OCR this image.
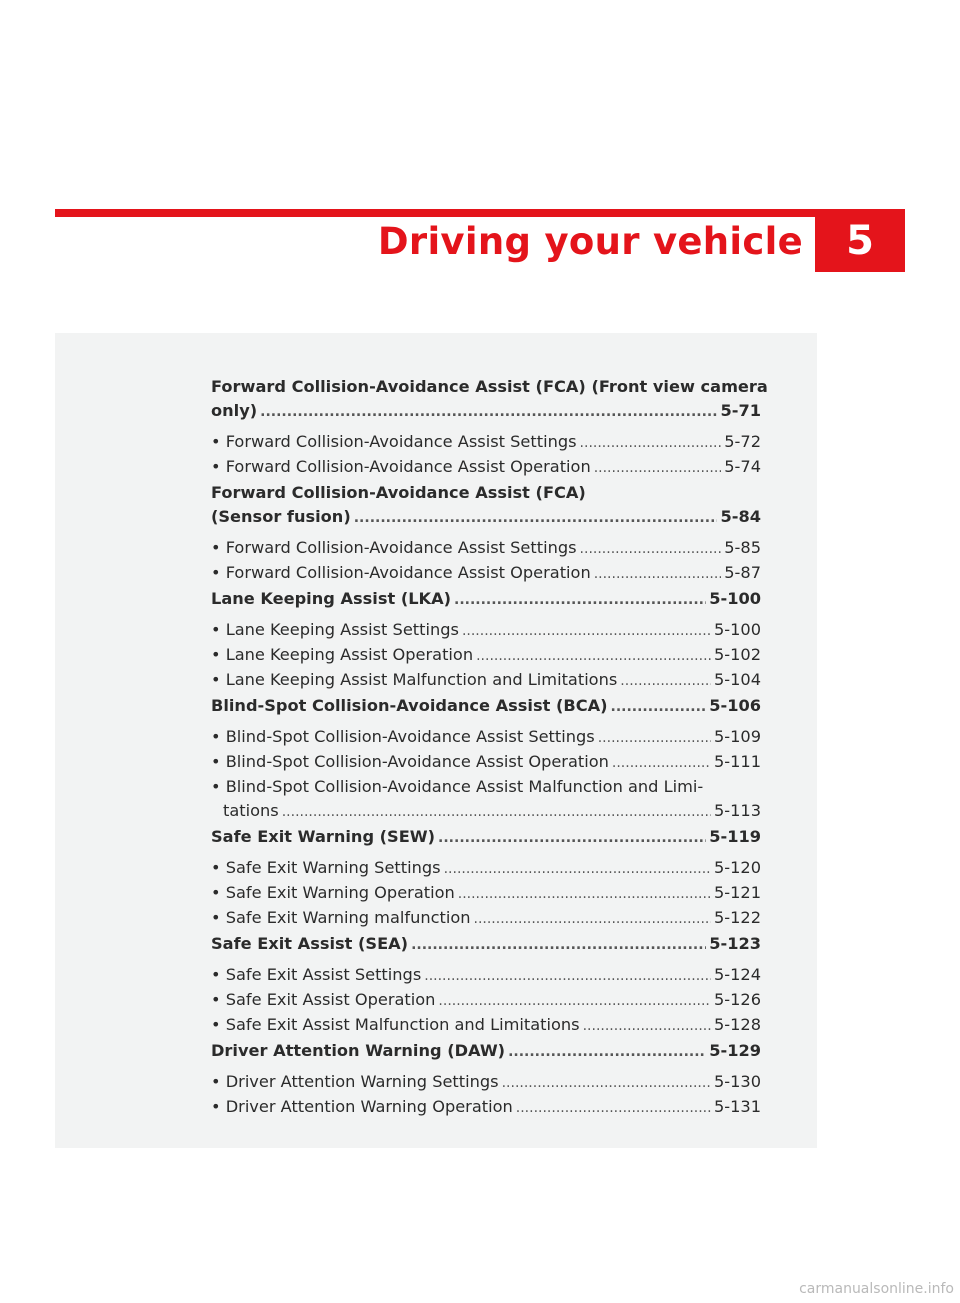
Driving your vehicle	5
Forward Collision-Avoidance Assist (FCA) (Front view camera
only) .....	5-71
• Forward Collision-Avoidance Assist Settings .....	5-72
• Forward Collision-Avoidance Assist Operation .....	5-74
Forward Collision-Avoidance Assist (FCA)
(Sensor fusion) .....	5-84
• Forward Collision-Avoidance Assist Settings .....	5-85
• Forward Collision-Avoidance Assist Operation .....	5-87
Lane Keeping Assist (LKA) .....	5-100
• Lane Keeping Assist Settings .....	5-100
• Lane Keeping Assist Operation .....	5-102
• Lane Keeping Assist Malfunction and Limitations .....	5-104
Blind-Spot Collision-Avoidance Assist (BCA) .....	5-106
• Blind-Spot Collision-Avoidance Assist Settings .....	5-109
• Blind-Spot Collision-Avoidance Assist Operation .....	5-111
• Blind-Spot Collision-Avoidance Assist Malfunction and Limi-
tations .....	5-113
Safe Exit Warning (SEW) .....	5-119
• Safe Exit Warning Settings .....	5-120
• Safe Exit Warning Operation .....	5-121
• Safe Exit Warning malfunction .....	5-122
Safe Exit Assist (SEA) .....	5-123
• Safe Exit Assist Settings .....	5-124
• Safe Exit Assist Operation .....	5-126
• Safe Exit Assist Malfunction and Limitations .....	5-128
Driver Attention Warning (DAW) .....	5-129
• Driver Attention Warning Settings .....	5-130
• Driver Attention Warning Operation .....	5-131
carmanualsonline.info
